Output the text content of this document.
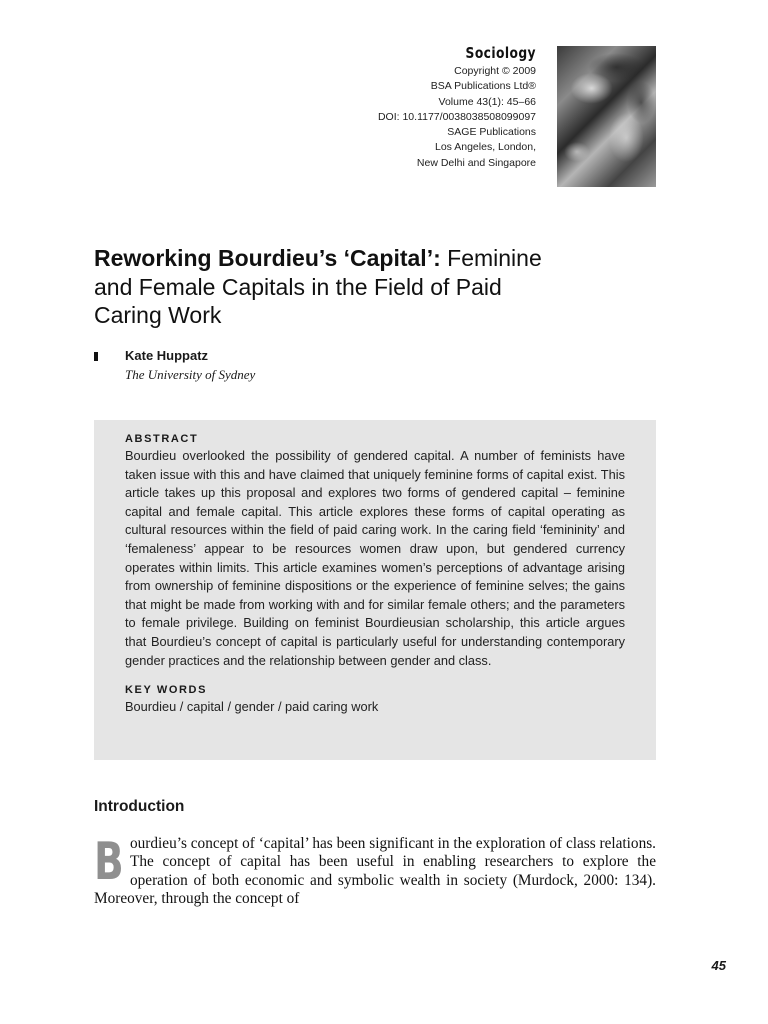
Sociology
Copyright © 2009
BSA Publications Ltd®
Volume 43(1): 45–66
DOI: 10.1177/0038038508099097
SAGE Publications
Los Angeles, London,
New Delhi and Singapore
Reworking Bourdieu’s ‘Capital’: Feminine and Female Capitals in the Field of Paid Caring Work
Kate Huppatz
The University of Sydney
ABSTRACT

Bourdieu overlooked the possibility of gendered capital. A number of feminists have taken issue with this and have claimed that uniquely feminine forms of capital exist. This article takes up this proposal and explores two forms of gendered capital – feminine capital and female capital. This article explores these forms of capital operating as cultural resources within the field of paid caring work. In the caring field ‘femininity’ and ‘femaleness’ appear to be resources women draw upon, but gendered currency operates within limits. This article examines women’s perceptions of advantage arising from ownership of feminine dispositions or the experience of feminine selves; the gains that might be made from working with and for similar female others; and the parameters to female privilege. Building on feminist Bourdieusian scholarship, this article argues that Bourdieu’s concept of capital is particularly useful for understanding contemporary gender practices and the relationship between gender and class.

KEY WORDS

Bourdieu / capital / gender / paid caring work

Introduction

Bourdieu’s concept of ‘capital’ has been significant in the exploration of class relations. The concept of capital has been useful in enabling researchers to explore the operation of both economic and symbolic wealth in society (Murdock, 2000: 134). Moreover, through the concept of

45
